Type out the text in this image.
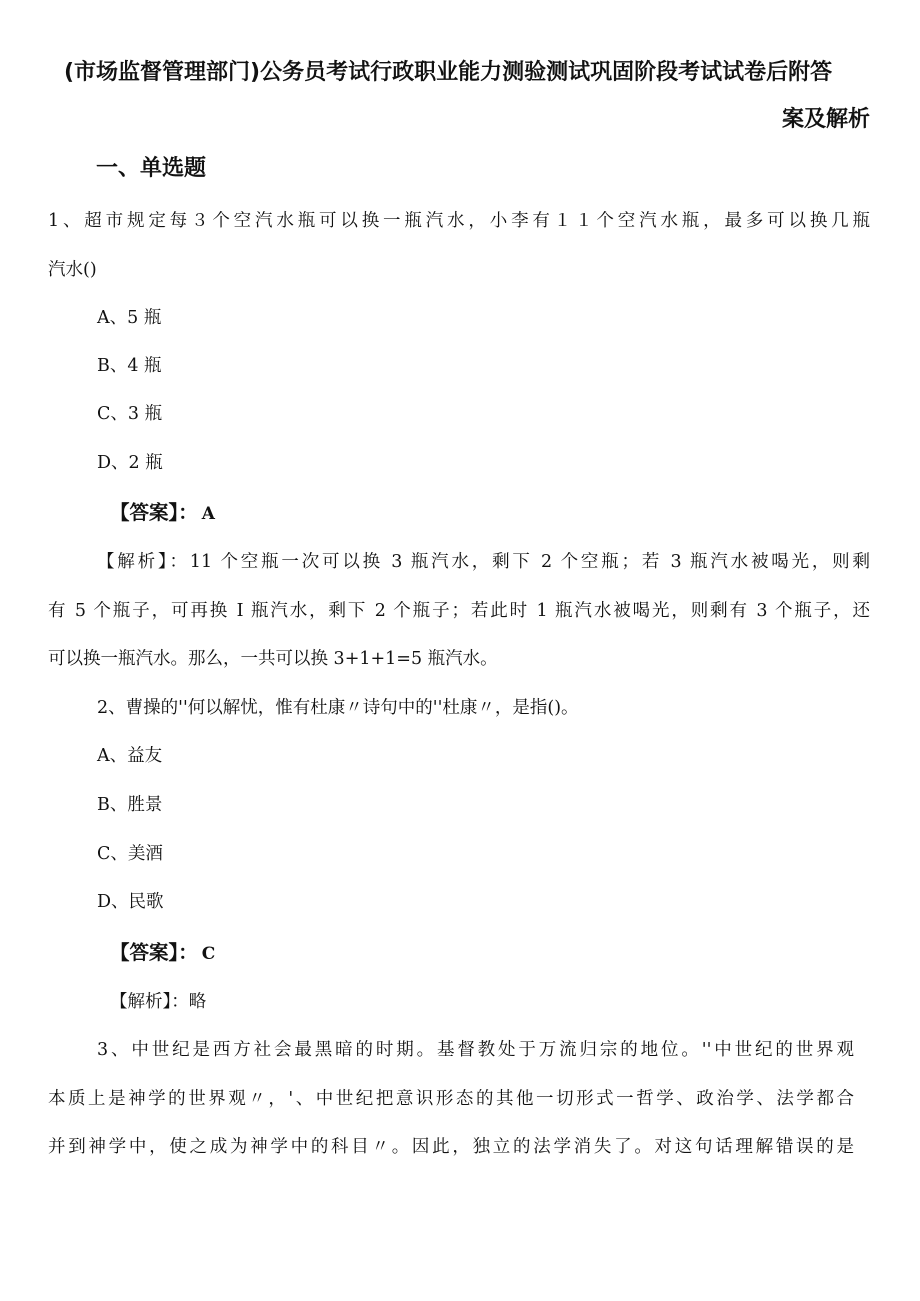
(市场监督管理部门)公务员考试行政职业能力测验测试巩固阶段考试试卷后附答
案及解析
一、单选题
1、超市规定每３个空汽水瓶可以换一瓶汽水，小李有１１个空汽水瓶，最多可以换几瓶
汽水()
A、5 瓶
B、4 瓶
C、3 瓶
D、2 瓶
【答案】： A
【解析】：11 个空瓶一次可以换 3 瓶汽水，剩下 2 个空瓶；若 3 瓶汽水被喝光，则剩
有 5 个瓶子，可再换 I 瓶汽水，剩下 2 个瓶子；若此时 1 瓶汽水被喝光，则剩有 3 个瓶子，还
可以换一瓶汽水。那么，一共可以换 3+1+1=5 瓶汽水。
2、曹操的''何以解忧，惟有杜康〃诗句中的''杜康〃，是指()。
A、益友
B、胜景
C、美酒
D、民歌
【答案】： C
【解析】：略
3、中世纪是西方社会最黑暗的时期。基督教处于万流归宗的地位。''中世纪的世界观
本质上是神学的世界观〃，'、中世纪把意识形态的其他一切形式一哲学、政治学、法学都合
并到神学中，使之成为神学中的科目〃。因此，独立的法学消失了。对这句话理解错误的是
